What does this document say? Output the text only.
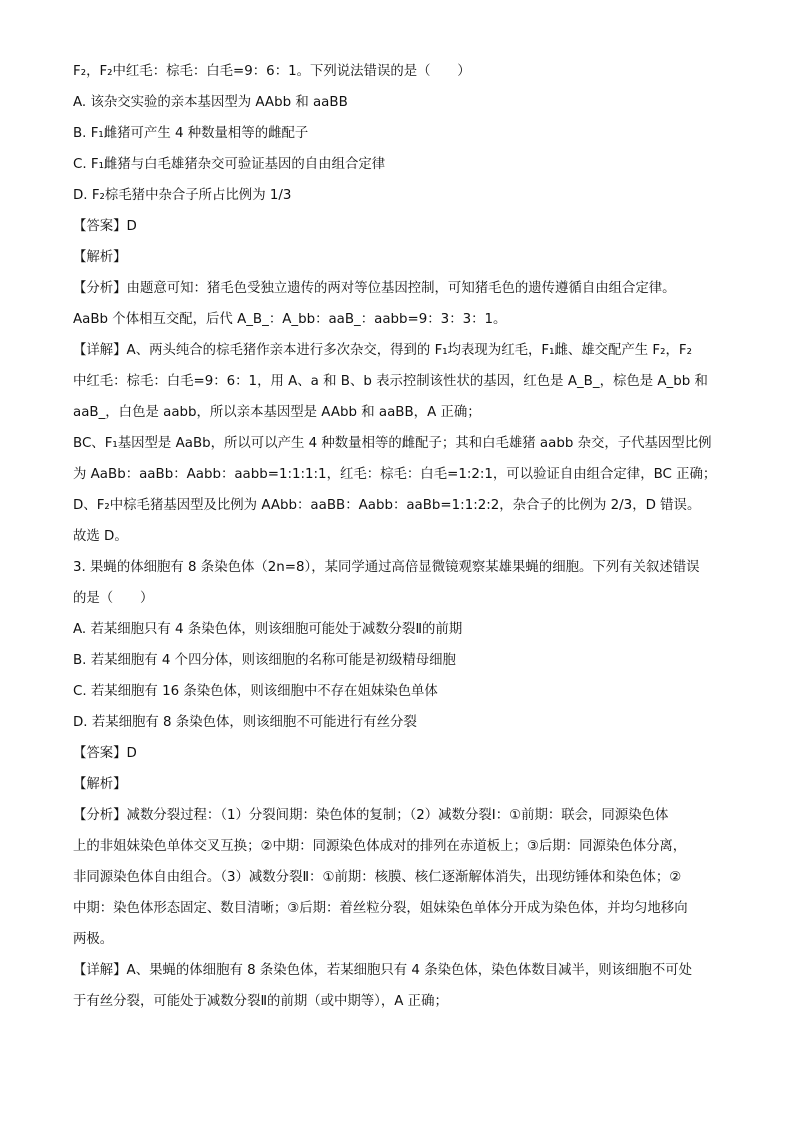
F₂，F₂中红毛：棕毛：白毛=9：6：1。下列说法错误的是（　　）
A. 该杂交实验的亲本基因型为 AAbb 和 aaBB
B. F₁雌猪可产生 4 种数量相等的雌配子
C. F₁雌猪与白毛雄猪杂交可验证基因的自由组合定律
D. F₂棕毛猪中杂合子所占比例为 1/3
【答案】D
【解析】
【分析】由题意可知：猪毛色受独立遗传的两对等位基因控制，可知猪毛色的遗传遵循自由组合定律。
AaBb 个体相互交配，后代 A_B_：A_bb：aaB_：aabb=9：3：3：1。
【详解】A、两头纯合的棕毛猪作亲本进行多次杂交，得到的 F₁均表现为红毛，F₁雌、雄交配产生 F₂，F₂
中红毛：棕毛：白毛=9：6：1，用 A、a 和 B、b 表示控制该性状的基因，红色是 A_B_，棕色是 A_bb 和
aaB_，白色是 aabb，所以亲本基因型是 AAbb 和 aaBB，A 正确；
BC、F₁基因型是 AaBb，所以可以产生 4 种数量相等的雌配子；其和白毛雄猪 aabb 杂交，子代基因型比例
为 AaBb：aaBb：Aabb：aabb=1:1:1:1，红毛：棕毛：白毛=1:2:1，可以验证自由组合定律，BC 正确；
D、F₂中棕毛猪基因型及比例为 AAbb：aaBB：Aabb：aaBb=1:1:2:2，杂合子的比例为 2/3，D 错误。
故选 D。
3. 果蝇的体细胞有 8 条染色体（2n=8），某同学通过高倍显微镜观察某雄果蝇的细胞。下列有关叙述错误
的是（　　）
A. 若某细胞只有 4 条染色体，则该细胞可能处于减数分裂Ⅱ的前期
B. 若某细胞有 4 个四分体，则该细胞的名称可能是初级精母细胞
C. 若某细胞有 16 条染色体，则该细胞中不存在姐妹染色单体
D. 若某细胞有 8 条染色体，则该细胞不可能进行有丝分裂
【答案】D
【解析】
【分析】减数分裂过程：（1）分裂间期：染色体的复制；（2）减数分裂Ⅰ：①前期：联会，同源染色体
上的非姐妹染色单体交叉互换；②中期：同源染色体成对的排列在赤道板上；③后期：同源染色体分离，
非同源染色体自由组合。（3）减数分裂Ⅱ：①前期：核膜、核仁逐渐解体消失，出现纺锤体和染色体；②
中期：染色体形态固定、数目清晰；③后期：着丝粒分裂，姐妹染色单体分开成为染色体，并均匀地移向
两极。
【详解】A、果蝇的体细胞有 8 条染色体，若某细胞只有 4 条染色体，染色体数目减半，则该细胞不可处
于有丝分裂，可能处于减数分裂Ⅱ的前期（或中期等），A 正确；
